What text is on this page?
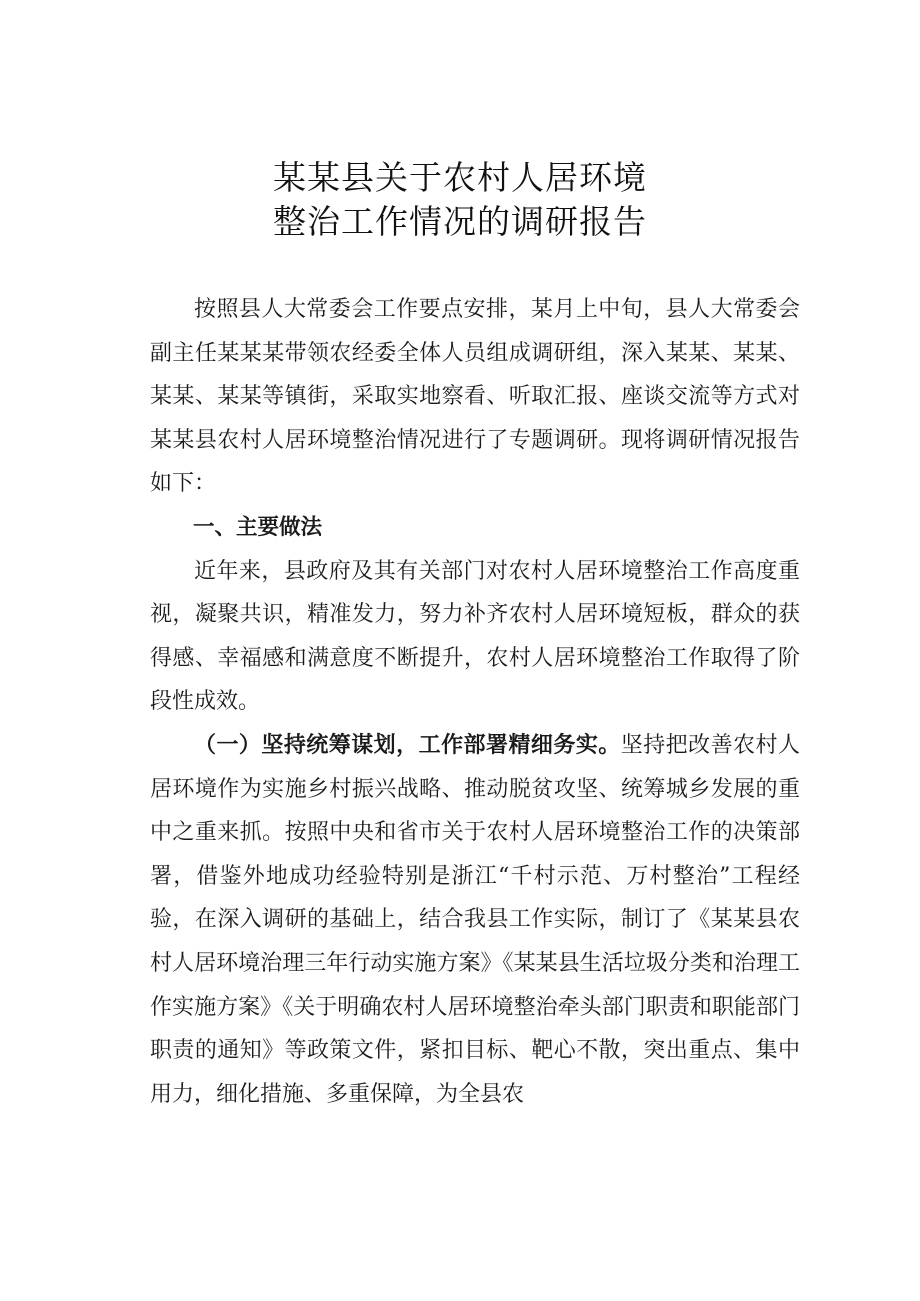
某某县关于农村人居环境
整治工作情况的调研报告

按照县人大常委会工作要点安排，某月上中旬，县人大常委会副主任某某某带领农经委全体人员组成调研组，深入某某、某某、某某、某某等镇街，采取实地察看、听取汇报、座谈交流等方式对某某县农村人居环境整治情况进行了专题调研。现将调研情况报告如下：

一、主要做法

近年来，县政府及其有关部门对农村人居环境整治工作高度重视，凝聚共识，精准发力，努力补齐农村人居环境短板，群众的获得感、幸福感和满意度不断提升，农村人居环境整治工作取得了阶段性成效。

（一）坚持统筹谋划，工作部署精细务实。坚持把改善农村人居环境作为实施乡村振兴战略、推动脱贫攻坚、统筹城乡发展的重中之重来抓。按照中央和省市关于农村人居环境整治工作的决策部署，借鉴外地成功经验特别是浙江“千村示范、万村整治”工程经验，在深入调研的基础上，结合我县工作实际，制订了《某某县农村人居环境治理三年行动实施方案》《某某县生活垃圾分类和治理工作实施方案》《关于明确农村人居环境整治牵头部门职责和职能部门职责的通知》等政策文件，紧扣目标、靶心不散，突出重点、集中用力，细化措施、多重保障，为全县农
